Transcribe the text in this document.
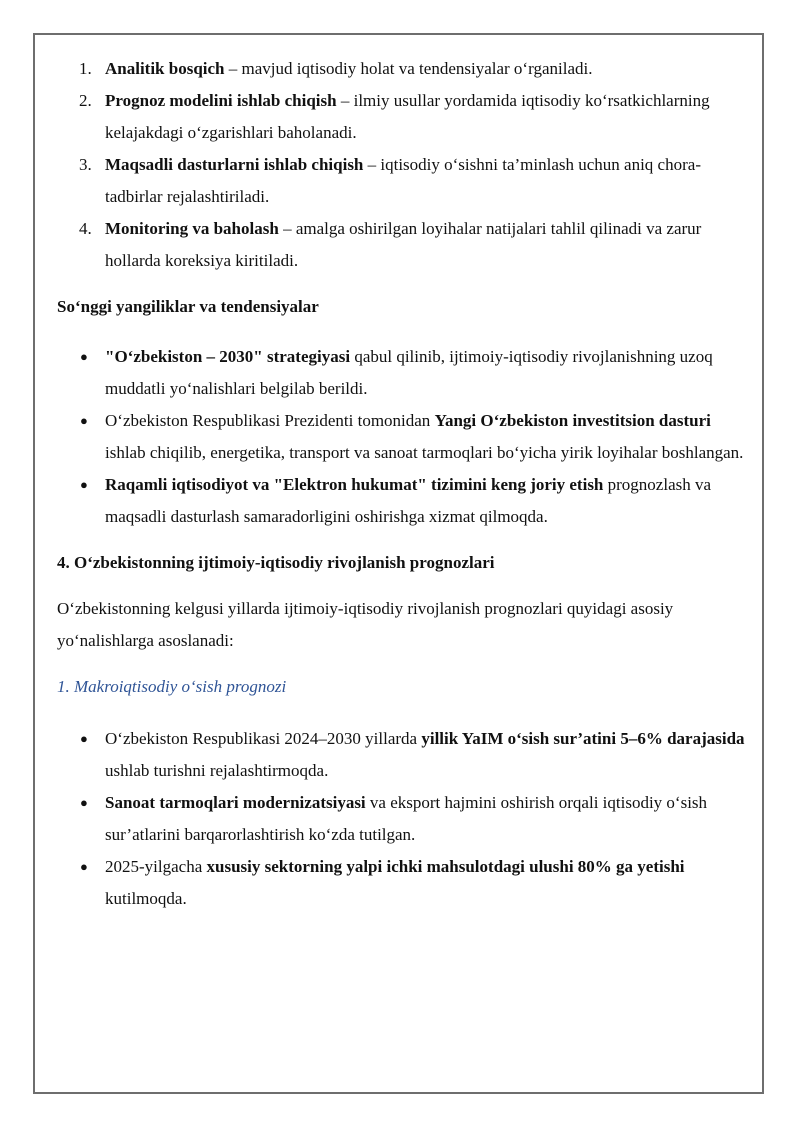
1. Analitik bosqich – mavjud iqtisodiy holat va tendensiyalar o‘rganiladi.
2. Prognoz modelini ishlab chiqish – ilmiy usullar yordamida iqtisodiy ko‘rsatkichlarning kelajakdagi o‘zgarishlari baholanadi.
3. Maqsadli dasturlarni ishlab chiqish – iqtisodiy o‘sishni ta’minlash uchun aniq chora-tadbirlar rejalashtiriladi.
4. Monitoring va baholash – amalga oshirilgan loyihalar natijalari tahlil qilinadi va zarur hollarda koreksiya kiritiladi.
So‘nggi yangiliklar va tendensiyalar
● "O‘zbekiston – 2030" strategiyasi qabul qilinib, ijtimoiy-iqtisodiy rivojlanishning uzoq muddatli yo‘nalishlari belgilab berildi.
● O‘zbekiston Respublikasi Prezidenti tomonidan Yangi O‘zbekiston investitsion dasturi ishlab chiqilib, energetika, transport va sanoat tarmoqlari bo‘yicha yirik loyihalar boshlangan.
● Raqamli iqtisodiyot va "Elektron hukumat" tizimini keng joriy etish prognozlash va maqsadli dasturlash samaradorligini oshirishga xizmat qilmoqda.
4. O‘zbekistonning ijtimoiy-iqtisodiy rivojlanish prognozlari
O‘zbekistonning kelgusi yillarda ijtimoiy-iqtisodiy rivojlanish prognozlari quyidagi asosiy yo‘nalishlarga asoslanadi:
1. Makroiqtisodiy o‘sish prognozi
● O‘zbekiston Respublikasi 2024–2030 yillarda yillik YaIM o‘sish sur’atini 5–6% darajasida ushlab turishni rejalashtirmoqda.
● Sanoat tarmoqlari modernizatsiyasi va eksport hajmini oshirish orqali iqtisodiy o‘sish sur’atlarini barqarorlashtirish ko‘zda tutilgan.
● 2025-yilgacha xususiy sektorning yalpi ichki mahsulotdagi ulushi 80% ga yetishi kutilmoqda.
